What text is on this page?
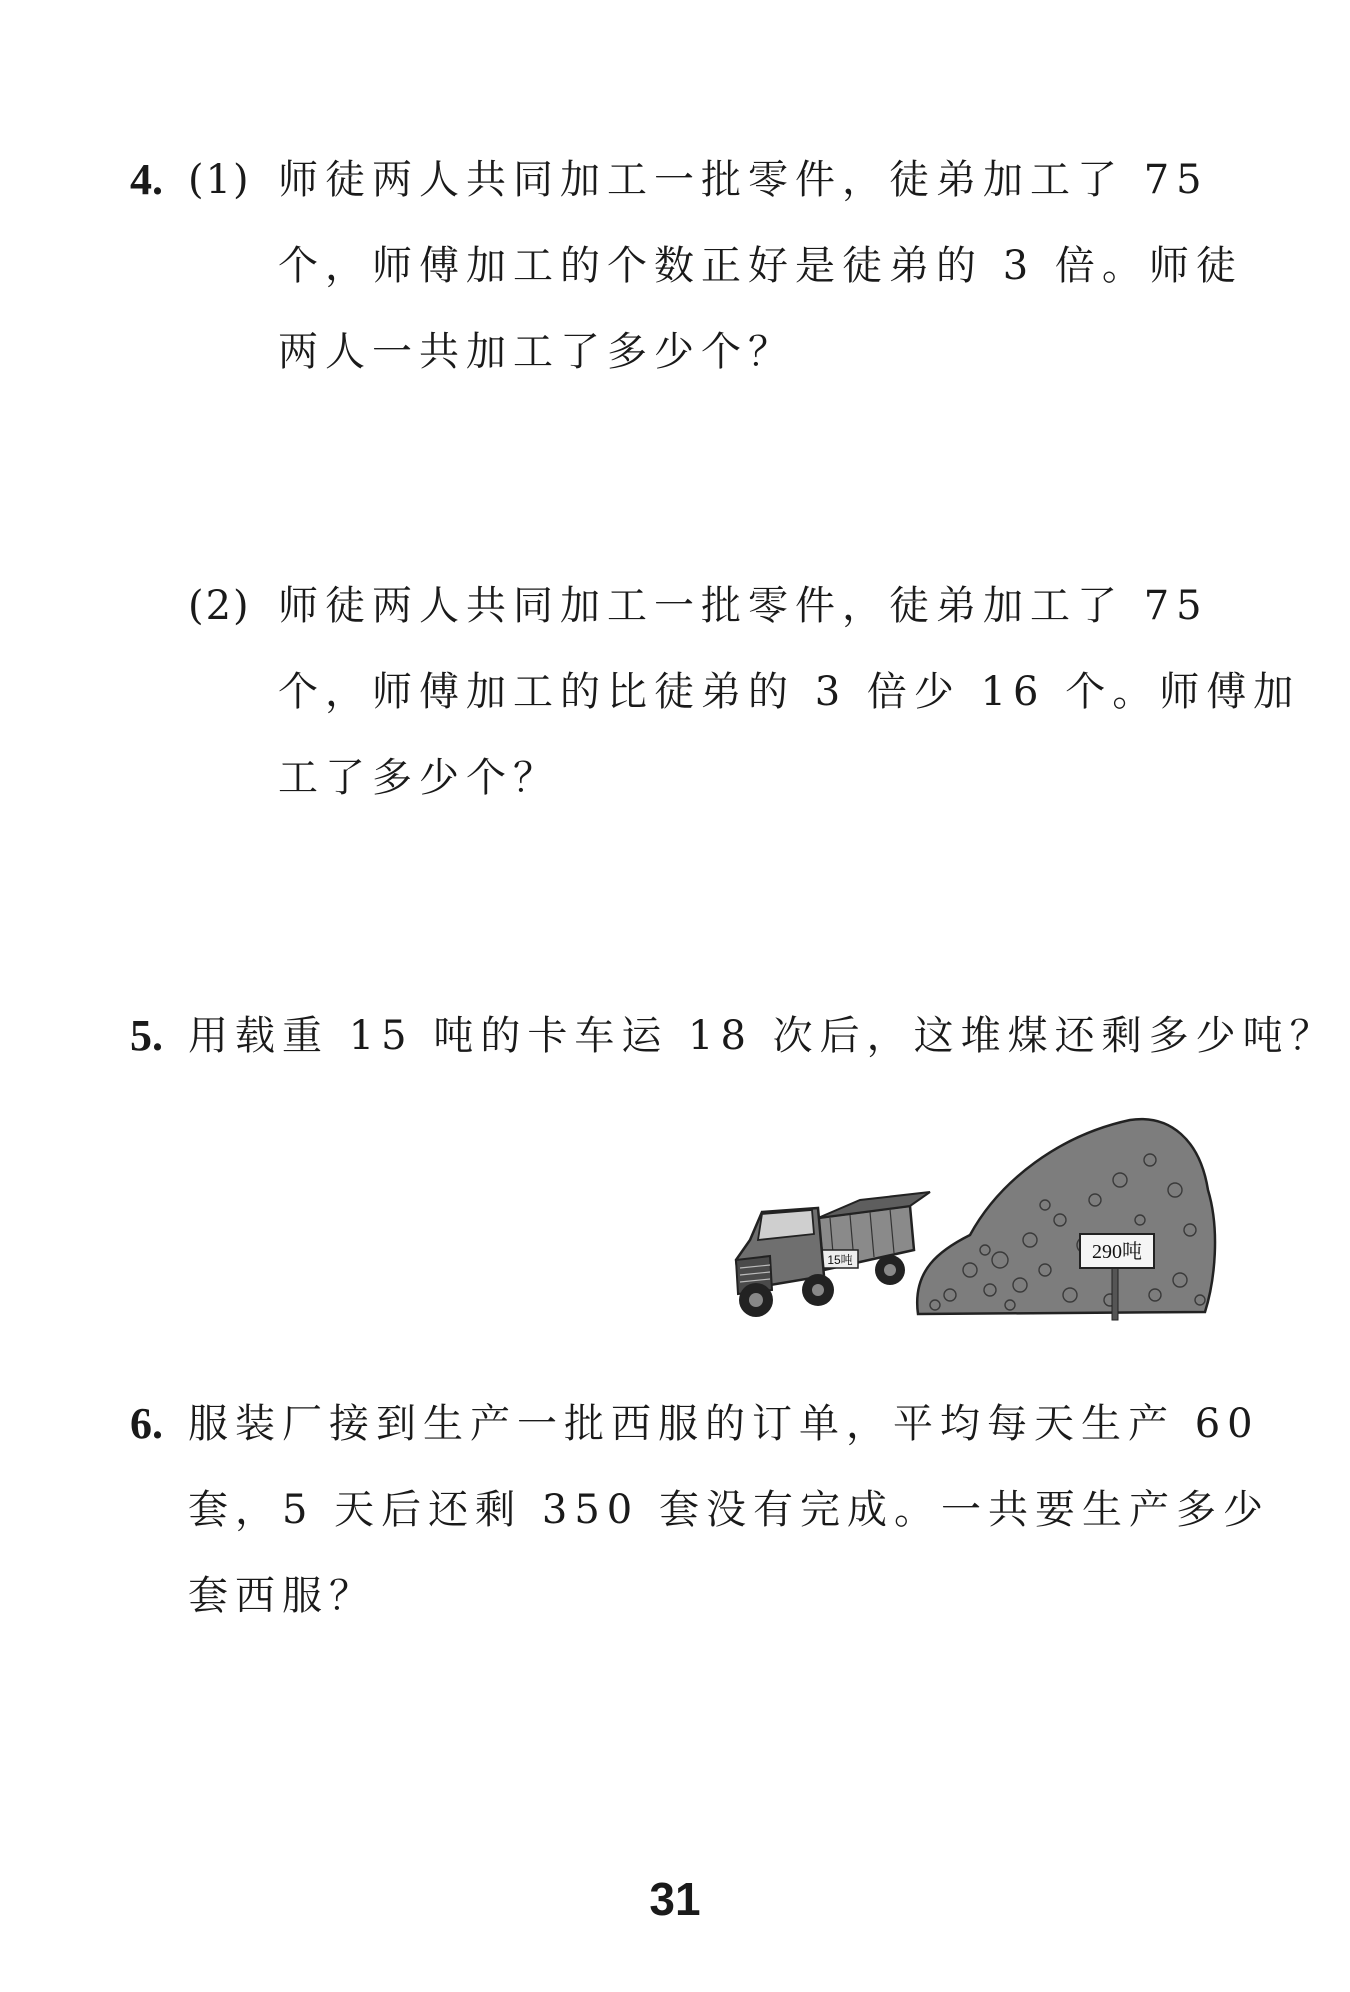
4. (1) 师徒两人共同加工一批零件，徒弟加工了 75
个，师傅加工的个数正好是徒弟的 3 倍。师徒
两人一共加工了多少个？
(2) 师徒两人共同加工一批零件，徒弟加工了 75
个，师傅加工的比徒弟的 3 倍少 16 个。师傅加
工了多少个？
5. 用载重 15 吨的卡车运 18 次后，这堆煤还剩多少吨？
290吨
15吨
6. 服装厂接到生产一批西服的订单，平均每天生产 60
套，5 天后还剩 350 套没有完成。一共要生产多少
套西服？
31
